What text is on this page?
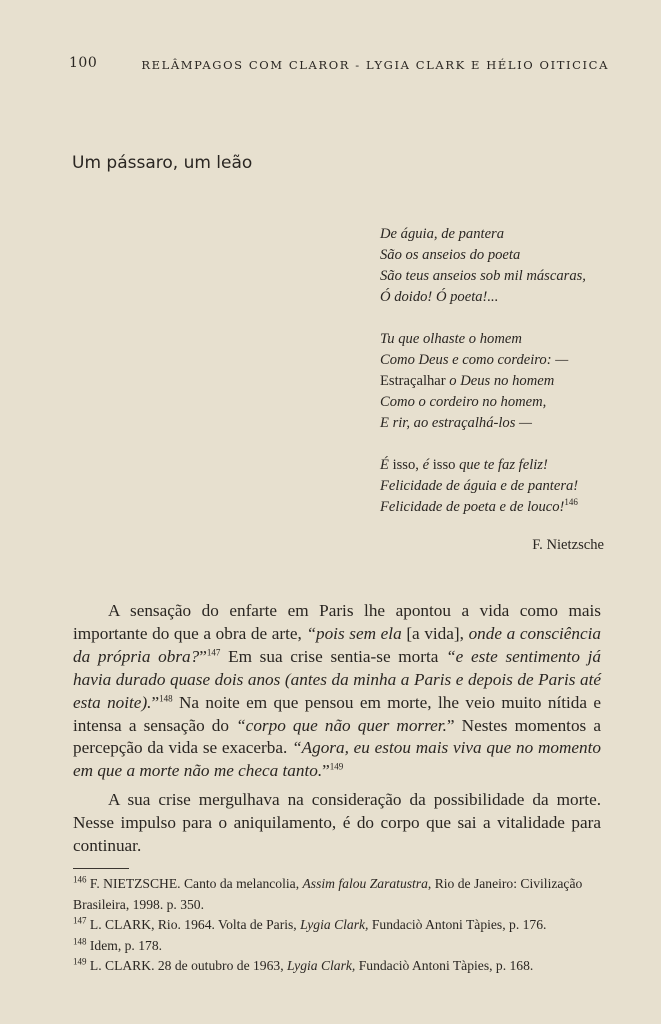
100	RELÂMPAGOS COM CLAROR - LYGIA CLARK E HÉLIO OITICICA
Um pássaro, um leão
De águia, de pantera
São os anseios do poeta
São teus anseios sob mil máscaras,
Ó doido! Ó poeta!...
Tu que olhaste o homem
Como Deus e como cordeiro: —
Estraçalhar o Deus no homem
Como o cordeiro no homem,
E rir, ao estraçalhá-los —
É isso, é isso que te faz feliz!
Felicidade de águia e de pantera!
Felicidade de poeta e de louco!$^{146}$
F. Nietzsche

A sensação do enfarte em Paris lhe apontou a vida como mais importante do que a obra de arte, “pois sem ela [a vida], onde a consciência da própria obra?”$^{147}$ Em sua crise sentia-se morta “e este sentimento já havia durado quase dois anos (antes da minha a Paris e depois de Paris até esta noite).”$^{148}$ Na noite em que pensou em morte, lhe veio muito nítida e intensa a sensação do “corpo que não quer morrer.” Nestes momentos a percepção da vida se exacerba. “Agora, eu estou mais viva que no momento em que a morte não me checa tanto.”$^{149}$

A sua crise mergulhava na consideração da possibilidade da morte. Nesse impulso para o aniquilamento, é do corpo que sai a vitalidade para continuar.

$^{146}$ F. NIETZSCHE. Canto da melancolia, Assim falou Zaratustra, Rio de Janeiro: Civilização Brasileira, 1998. p. 350.

$^{147}$ L. CLARK, Rio. 1964. Volta de Paris, Lygia Clark, Fundaciò Antoni Tàpies, p. 176.

$^{148}$ Idem, p. 178.

$^{149}$ L. CLARK. 28 de outubro de 1963, Lygia Clark, Fundaciò Antoni Tàpies, p. 168.
